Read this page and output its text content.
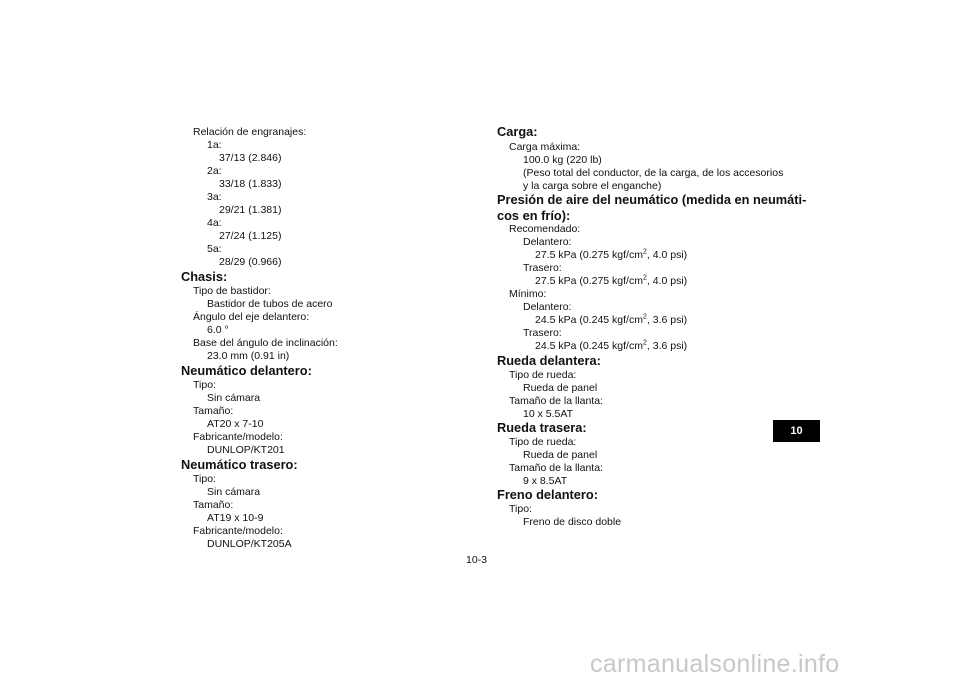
Relación de engranajes:
1a:
37/13 (2.846)
2a:
33/18 (1.833)
3a:
29/21 (1.381)
4a:
27/24 (1.125)
5a:
28/29 (0.966)
Chasis:
Tipo de bastidor:
Bastidor de tubos de acero
Ángulo del eje delantero:
6.0 °
Base del ángulo de inclinación:
23.0 mm (0.91 in)
Neumático delantero:
Tipo:
Sin cámara
Tamaño:
AT20 x 7-10
Fabricante/modelo:
DUNLOP/KT201
Neumático trasero:
Tipo:
Sin cámara
Tamaño:
AT19 x 10-9
Fabricante/modelo:
DUNLOP/KT205A
Carga:
Carga máxima:
100.0 kg (220 lb)
(Peso total del conductor, de la carga, de los accesorios
y la carga sobre el enganche)
Presión de aire del neumático (medida en neumáti-
cos en frío):
Recomendado:
Delantero:
27.5 kPa (0.275 kgf/$cm^2$, 4.0 psi)
Trasero:
27.5 kPa (0.275 kgf/$cm^2$, 4.0 psi)
Mínimo:
Delantero:
24.5 kPa (0.245 kgf/$cm^2$, 3.6 psi)
Trasero:
24.5 kPa (0.245 kgf/$cm^2$, 3.6 psi)
Rueda delantera:
Tipo de rueda:
Rueda de panel
Tamaño de la llanta:
10 x 5.5AT
Rueda trasera:
Tipo de rueda:
Rueda de panel
Tamaño de la llanta:
9 x 8.5AT
Freno delantero:
Tipo:
Freno de disco doble
10
10-3
carmanualsonline.info
